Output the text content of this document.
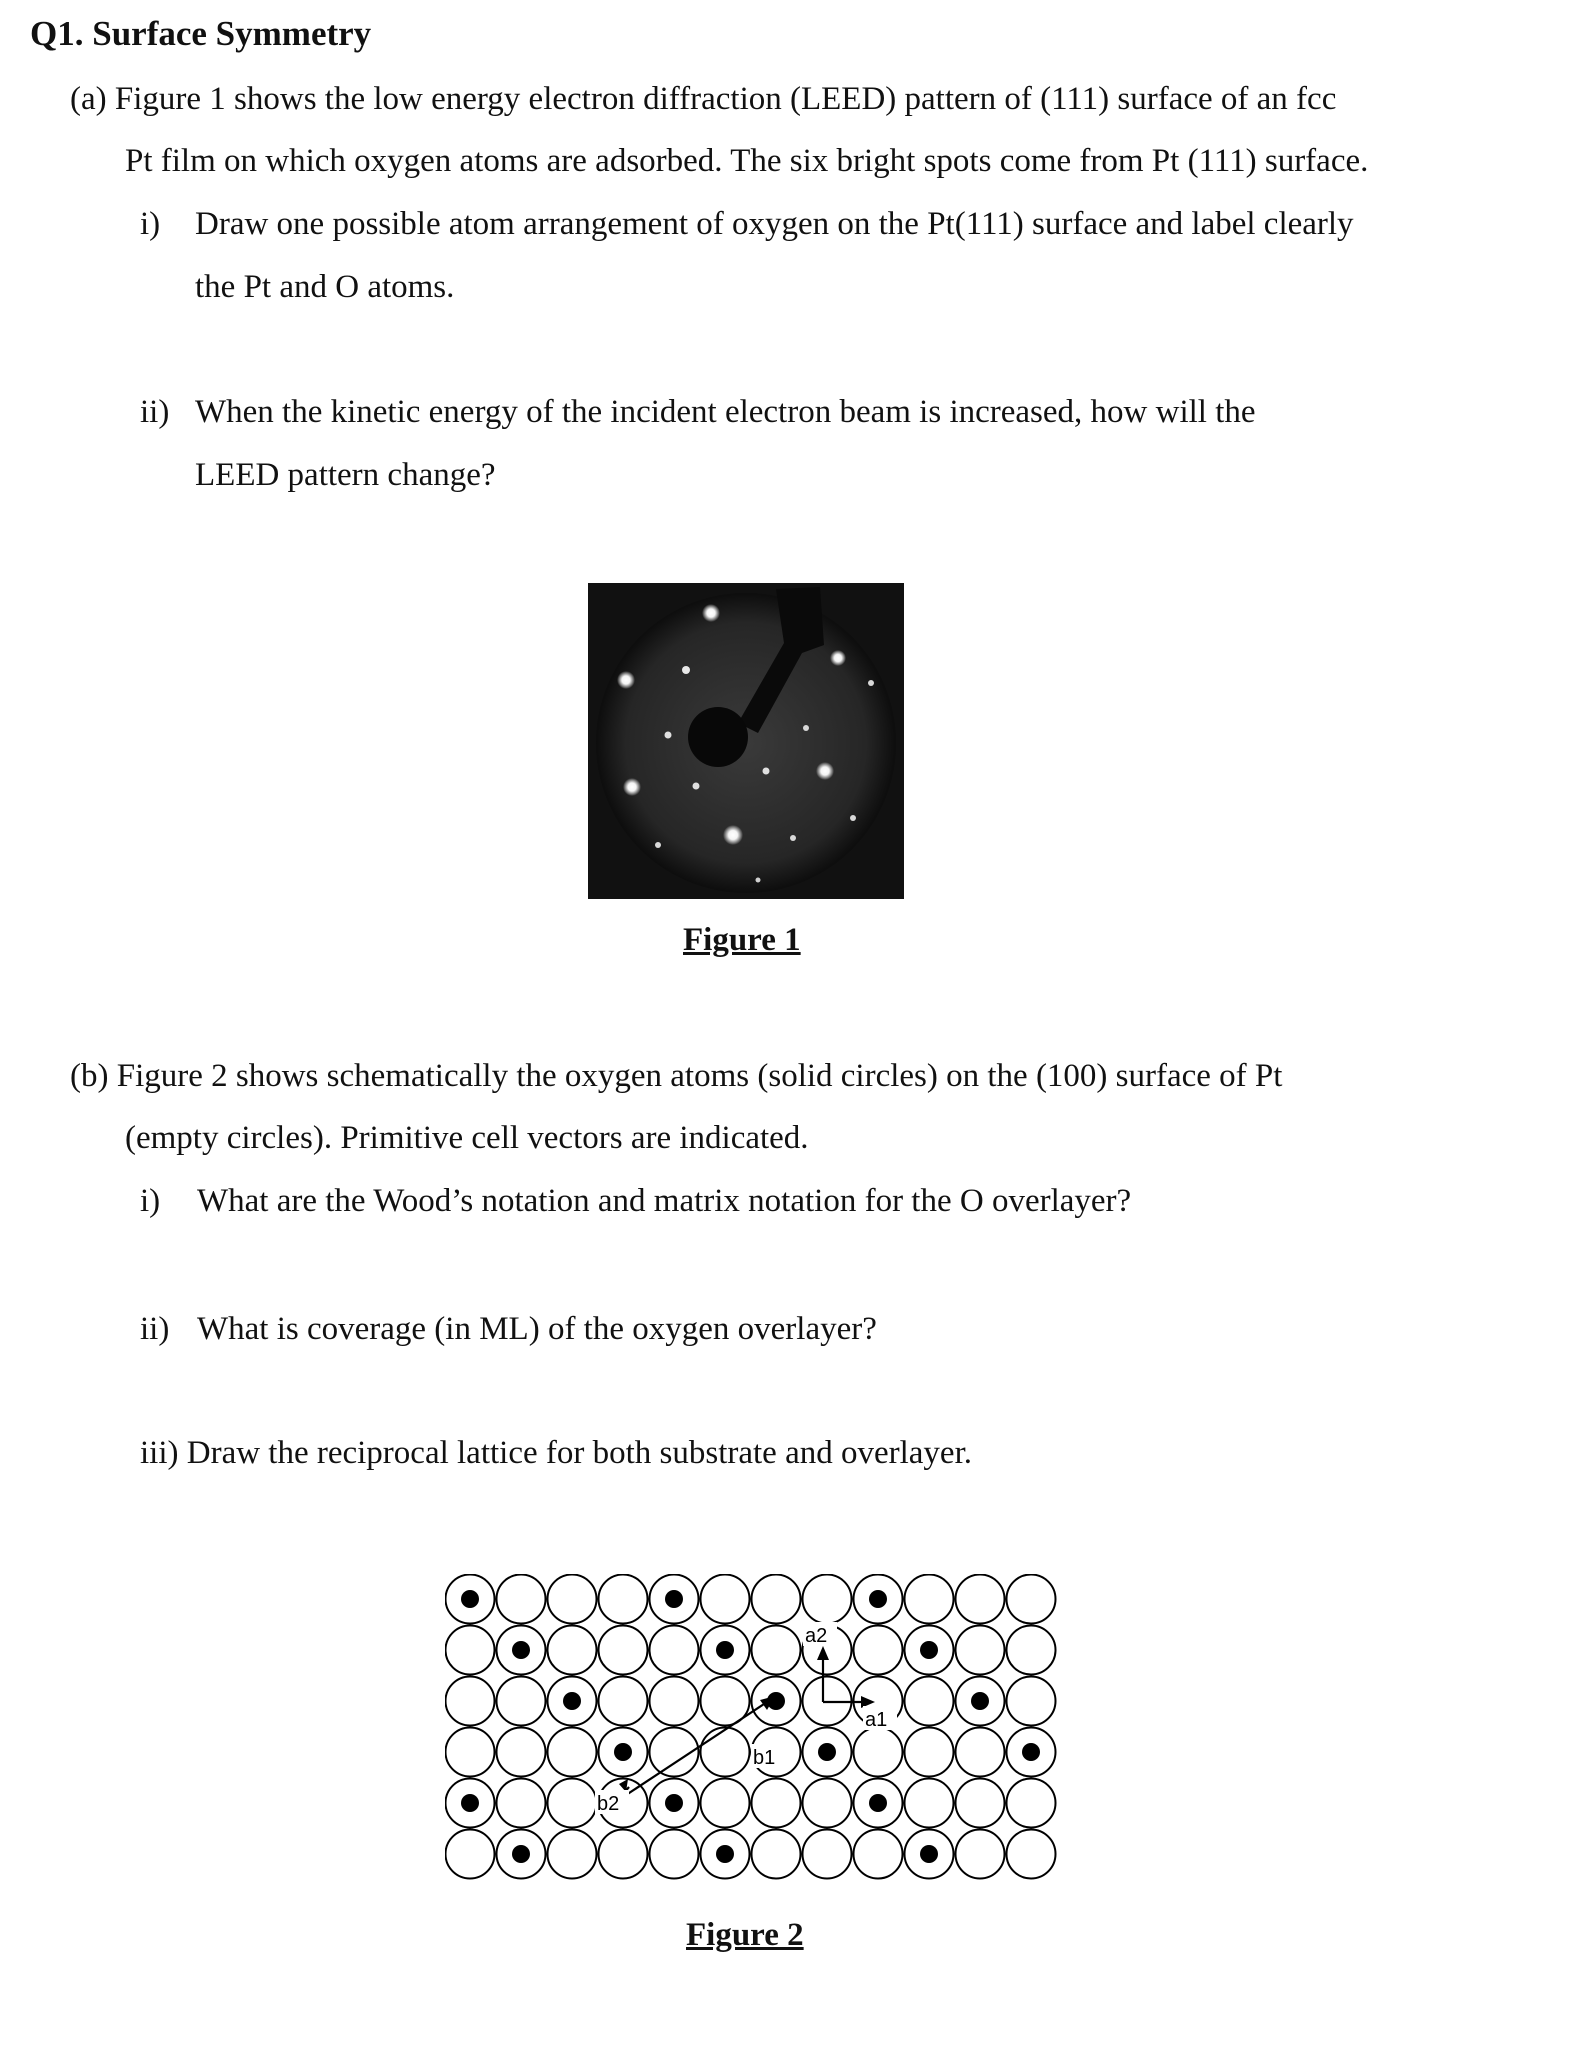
Q1. Surface Symmetry
(a) Figure 1 shows the low energy electron diffraction (LEED) pattern of (111) surface of an fcc
Pt film on which oxygen atoms are adsorbed. The six bright spots come from Pt (111) surface.
i) Draw one possible atom arrangement of oxygen on the Pt(111) surface and label clearly
the Pt and O atoms.
ii) When the kinetic energy of the incident electron beam is increased, how will the
LEED pattern change?
Figure 1
(b) Figure 2 shows schematically the oxygen atoms (solid circles) on the (100) surface of Pt
(empty circles). Primitive cell vectors are indicated.
i) What are the Wood’s notation and matrix notation for the O overlayer?
ii) What is coverage (in ML) of the oxygen overlayer?
iii) Draw the reciprocal lattice for both substrate and overlayer.
a2
a1
b1
b2
Figure 2
